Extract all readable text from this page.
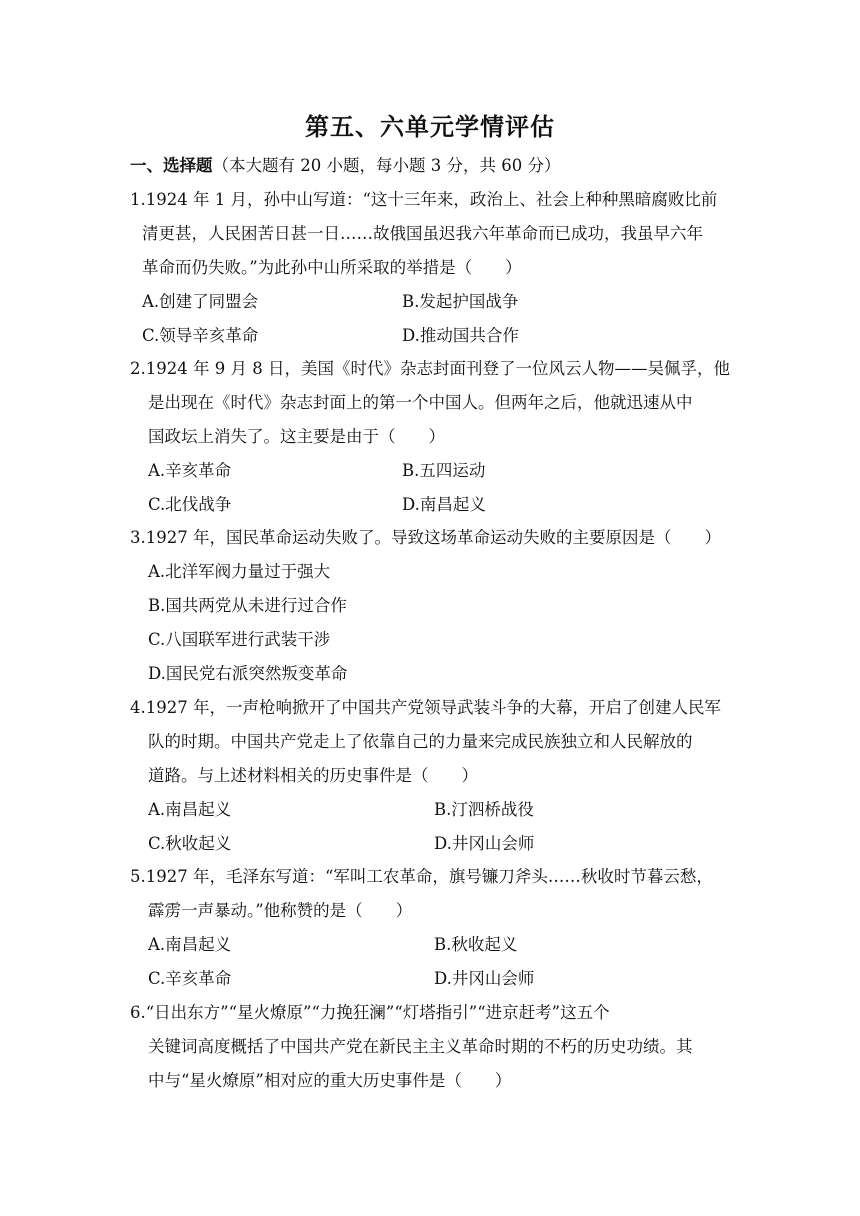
第五、六单元学情评估
一、选择题（本大题有 20 小题，每小题 3 分，共 60 分）
1.1924 年 1 月，孙中山写道：“这十三年来，政治上、社会上种种黑暗腐败比前
清更甚，人民困苦日甚一日……故俄国虽迟我六年革命而已成功，我虽早六年
革命而仍失败。”为此孙中山所采取的举措是（　　）
A.创建了同盟会	B.发起护国战争
C.领导辛亥革命	D.推动国共合作
2.1924 年 9 月 8 日，美国《时代》杂志封面刊登了一位风云人物——吴佩孚，他
是出现在《时代》杂志封面上的第一个中国人。但两年之后，他就迅速从中
国政坛上消失了。这主要是由于（　　）
A.辛亥革命	B.五四运动
C.北伐战争	D.南昌起义
3.1927 年，国民革命运动失败了。导致这场革命运动失败的主要原因是（　　）
A.北洋军阀力量过于强大
B.国共两党从未进行过合作
C.八国联军进行武装干涉
D.国民党右派突然叛变革命
4.1927 年，一声枪响掀开了中国共产党领导武装斗争的大幕，开启了创建人民军
队的时期。中国共产党走上了依靠自己的力量来完成民族独立和人民解放的
道路。与上述材料相关的历史事件是（　　）
A.南昌起义	B.汀泗桥战役
C.秋收起义	D.井冈山会师
5.1927 年，毛泽东写道：“军叫工农革命，旗号镰刀斧头……秋收时节暮云愁，
霹雳一声暴动。”他称赞的是（　　）
A.南昌起义	B.秋收起义
C.辛亥革命	D.井冈山会师
6.“日出东方”“星火燎原”“力挽狂澜”“灯塔指引”“进京赶考”这五个
关键词高度概括了中国共产党在新民主主义革命时期的不朽的历史功绩。其
中与“星火燎原”相对应的重大历史事件是（　　）
